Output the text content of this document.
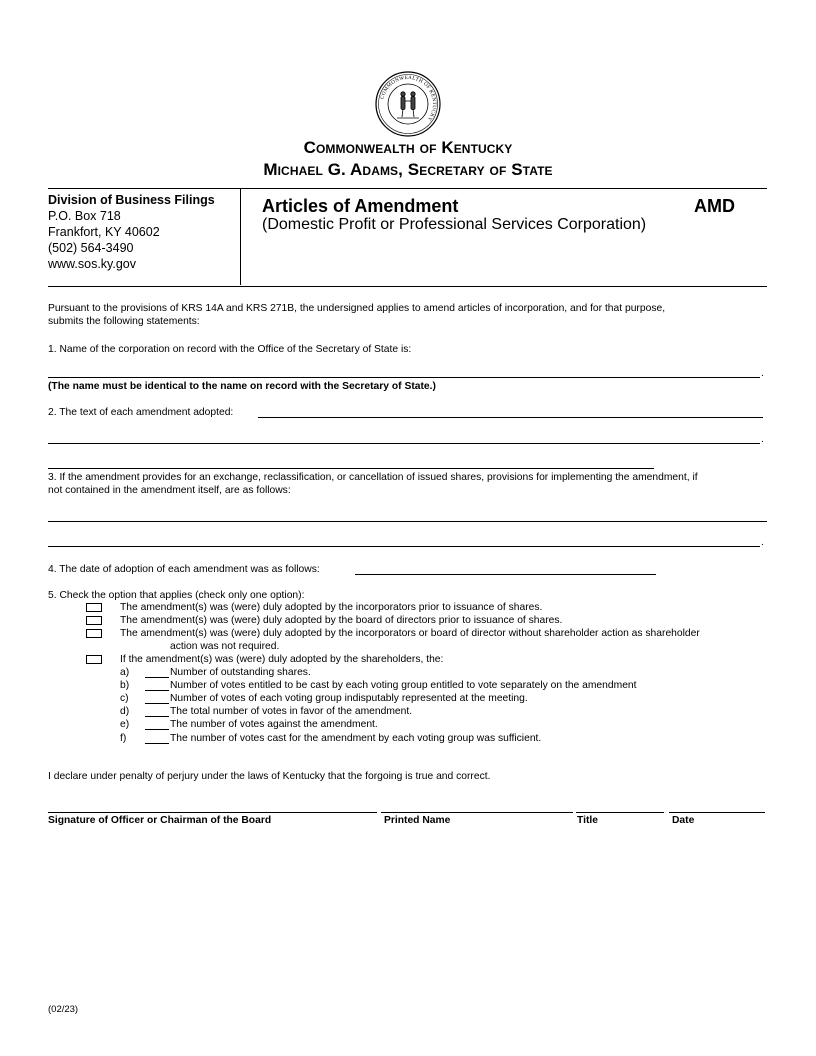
COMMONWEALTH OF KENTUCKY
Commonwealth of Kentucky
Michael G. Adams, Secretary of State
Division of Business Filings
P.O. Box 718
Frankfort, KY 40602
(502) 564-3490
www.sos.ky.gov
Articles of Amendment	AMD
(Domestic Profit or Professional Services Corporation)
Pursuant to the provisions of KRS 14A and KRS 271B, the undersigned applies to amend articles of incorporation, and for that purpose,
submits the following statements:
1. Name of the corporation on record with the Office of the Secretary of State is:
.
(The name must be identical to the name on record with the Secretary of State.)
2. The text of each amendment adopted:
.
3. If the amendment provides for an exchange, reclassification, or cancellation of issued shares, provisions for implementing the amendment, if
not contained in the amendment itself, are as follows:
.
4. The date of adoption of each amendment was as follows:
5. Check the option that applies (check only one option):
The amendment(s) was (were) duly adopted by the incorporators prior to issuance of shares.
The amendment(s) was (were) duly adopted by the board of directors prior to issuance of shares.
The amendment(s) was (were) duly adopted by the incorporators or board of director without shareholder action as shareholder
action was not required.
If the amendment(s) was (were) duly adopted by the shareholders, the:
a)	Number of outstanding shares.
b)	Number of votes entitled to be cast by each voting group entitled to vote separately on the amendment
c)	Number of votes of each voting group indisputably represented at the meeting.
d)	The total number of votes in favor of the amendment.
e)	The number of votes against the amendment.
f)	The number of votes cast for the amendment by each voting group was sufficient.
I declare under penalty of perjury under the laws of Kentucky that the forgoing is true and correct.
Signature of Officer or Chairman of the Board	Printed Name	Title	Date
(02/23)
